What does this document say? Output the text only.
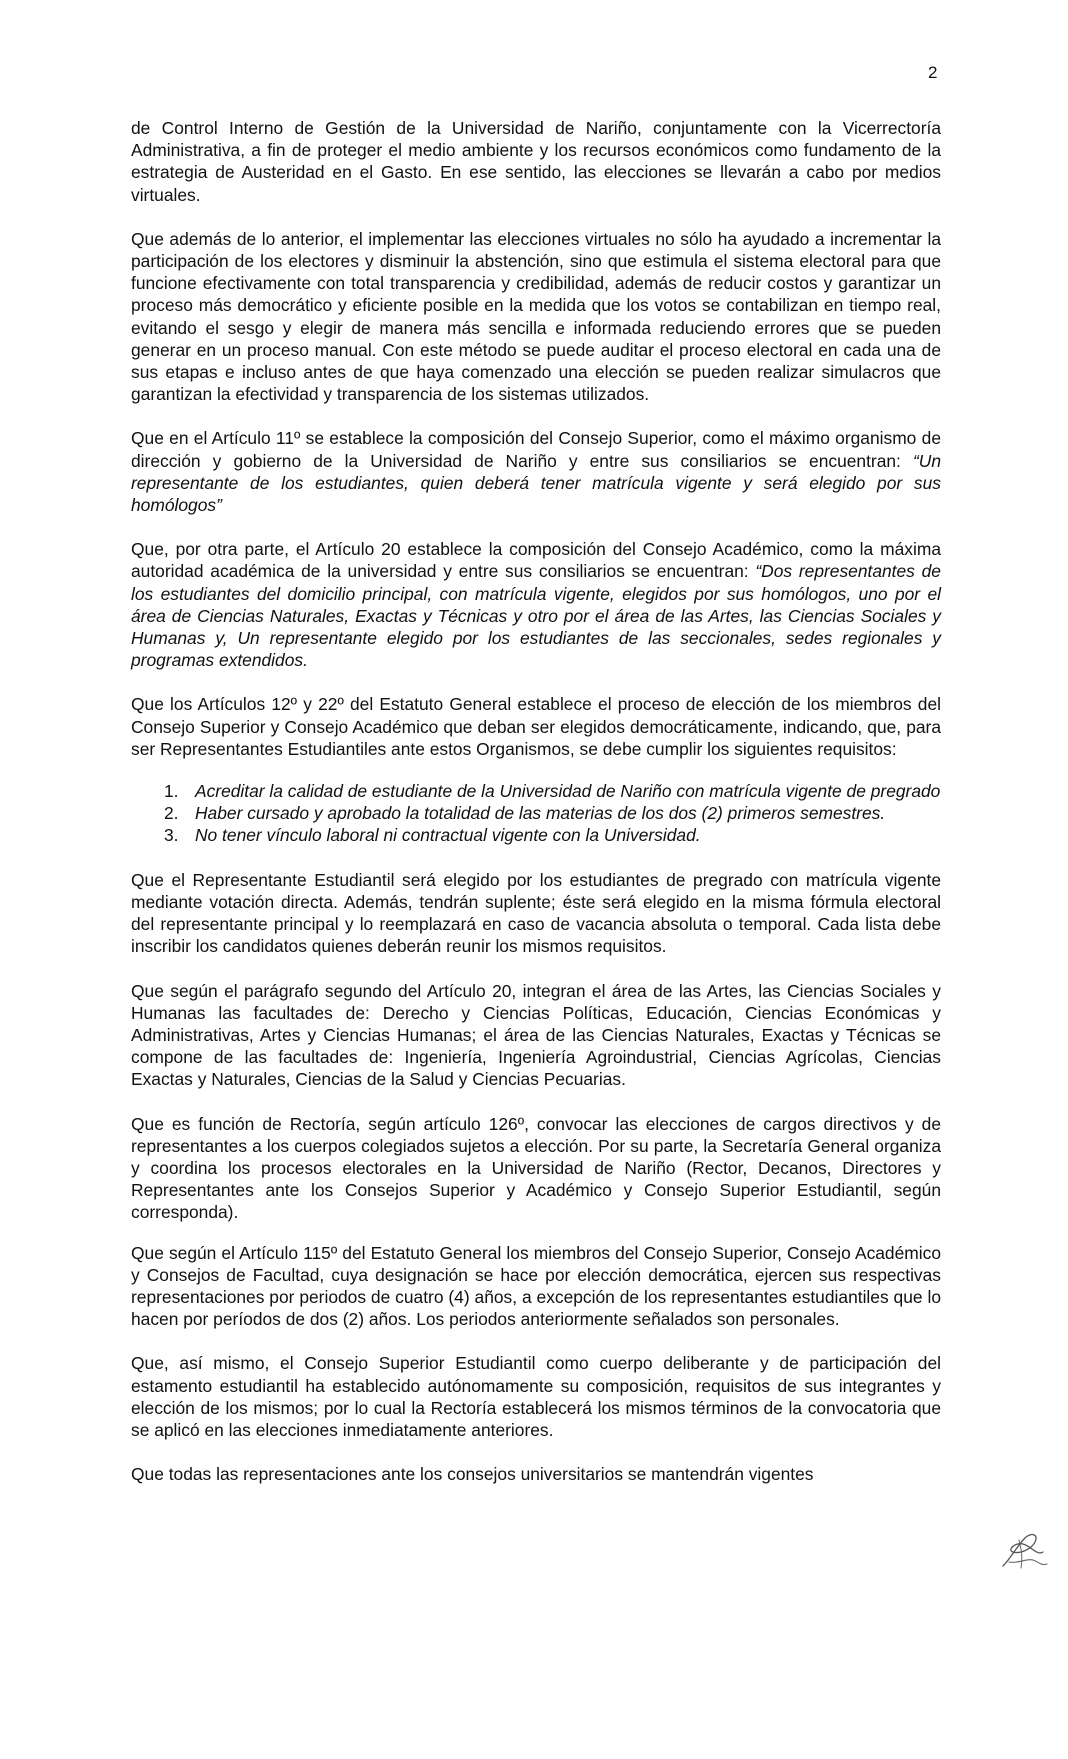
2

de Control Interno de Gestión de la Universidad de Nariño, conjuntamente con la Vicerrectoría Administrativa, a fin de proteger el medio ambiente y los recursos económicos como fundamento de la estrategia de Austeridad en el Gasto. En ese sentido, las elecciones se llevarán a cabo por medios virtuales.

Que además de lo anterior, el implementar las elecciones virtuales no sólo ha ayudado a incrementar la participación de los electores y disminuir la abstención, sino que estimula el sistema electoral para que funcione efectivamente con total transparencia y credibilidad, además de reducir costos y garantizar un proceso más democrático y eficiente posible en la medida que los votos se contabilizan en tiempo real, evitando el sesgo y elegir de manera más sencilla e informada reduciendo errores que se pueden generar en un proceso manual. Con este método se puede auditar el proceso electoral en cada una de sus etapas e incluso antes de que haya comenzado una elección se pueden realizar simulacros que garantizan la efectividad y transparencia de los sistemas utilizados.

Que en el Artículo 11º se establece la composición del Consejo Superior, como el máximo organismo de dirección y gobierno de la Universidad de Nariño y entre sus consiliarios se encuentran: “Un representante de los estudiantes, quien deberá tener matrícula vigente y será elegido por sus homólogos”

Que, por otra parte, el Artículo 20 establece la composición del Consejo Académico, como la máxima autoridad académica de la universidad y entre sus consiliarios se encuentran: “Dos representantes de los estudiantes del domicilio principal, con matrícula vigente, elegidos por sus homólogos, uno por el área de Ciencias Naturales, Exactas y Técnicas y otro por el área de las Artes, las Ciencias Sociales y Humanas y, Un representante elegido por los estudiantes de las seccionales, sedes regionales y programas extendidos.

Que los Artículos 12º y 22º del Estatuto General establece el proceso de elección de los miembros del Consejo Superior y Consejo Académico que deban ser elegidos democráticamente, indicando, que, para ser Representantes Estudiantiles ante estos Organismos, se debe cumplir los siguientes requisitos:

1. Acreditar la calidad de estudiante de la Universidad de Nariño con matrícula vigente de pregrado
2. Haber cursado y aprobado la totalidad de las materias de los dos (2) primeros semestres.
3. No tener vínculo laboral ni contractual vigente con la Universidad.

Que el Representante Estudiantil será elegido por los estudiantes de pregrado con matrícula vigente mediante votación directa. Además, tendrán suplente; éste será elegido en la misma fórmula electoral del representante principal y lo reemplazará en caso de vacancia absoluta o temporal. Cada lista debe inscribir los candidatos quienes deberán reunir los mismos requisitos.

Que según el parágrafo segundo del Artículo 20, integran el área de las Artes, las Ciencias Sociales y Humanas las facultades de: Derecho y Ciencias Políticas, Educación, Ciencias Económicas y Administrativas, Artes y Ciencias Humanas; el área de las Ciencias Naturales, Exactas y Técnicas se compone de las facultades de: Ingeniería, Ingeniería Agroindustrial, Ciencias Agrícolas, Ciencias Exactas y Naturales, Ciencias de la Salud y Ciencias Pecuarias.

Que es función de Rectoría, según artículo 126º, convocar las elecciones de cargos directivos y de representantes a los cuerpos colegiados sujetos a elección. Por su parte, la Secretaría General organiza y coordina los procesos electorales en la Universidad de Nariño (Rector, Decanos, Directores y Representantes ante los Consejos Superior y Académico y Consejo Superior Estudiantil, según corresponda).

Que según el Artículo 115º del Estatuto General los miembros del Consejo Superior, Consejo Académico y Consejos de Facultad, cuya designación se hace por elección democrática, ejercen sus respectivas representaciones por periodos de cuatro (4) años, a excepción de los representantes estudiantiles que lo hacen por períodos de dos (2) años. Los periodos anteriormente señalados son personales.

Que, así mismo, el Consejo Superior Estudiantil como cuerpo deliberante y de participación del estamento estudiantil ha establecido autónomamente su composición, requisitos de sus integrantes y elección de los mismos; por lo cual la Rectoría establecerá los mismos términos de la convocatoria que se aplicó en las elecciones inmediatamente anteriores.

Que todas las representaciones ante los consejos universitarios se mantendrán vigentes
